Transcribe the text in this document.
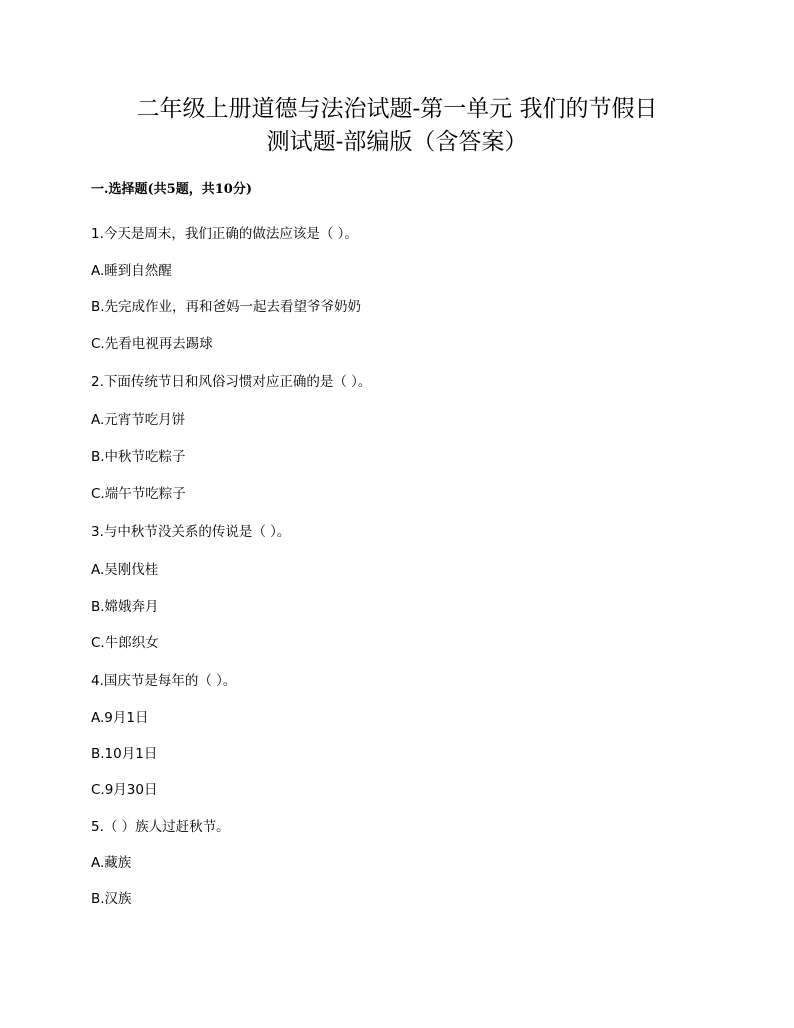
二年级上册道德与法治试题-第一单元 我们的节假日
测试题-部编版（含答案）
一.选择题(共5题，共10分)
1.今天是周末，我们正确的做法应该是（ ）。
A.睡到自然醒
B.先完成作业，再和爸妈一起去看望爷爷奶奶
C.先看电视再去踢球
2.下面传统节日和风俗习惯对应正确的是（ ）。
A.元宵节吃月饼
B.中秋节吃粽子
C.端午节吃粽子
3.与中秋节没关系的传说是（ ）。
A.吴刚伐桂
B.嫦娥奔月
C.牛郎织女
4.国庆节是每年的（ ）。
A.9月1日
B.10月1日
C.9月30日
5.（ ）族人过赶秋节。
A.藏族
B.汉族
